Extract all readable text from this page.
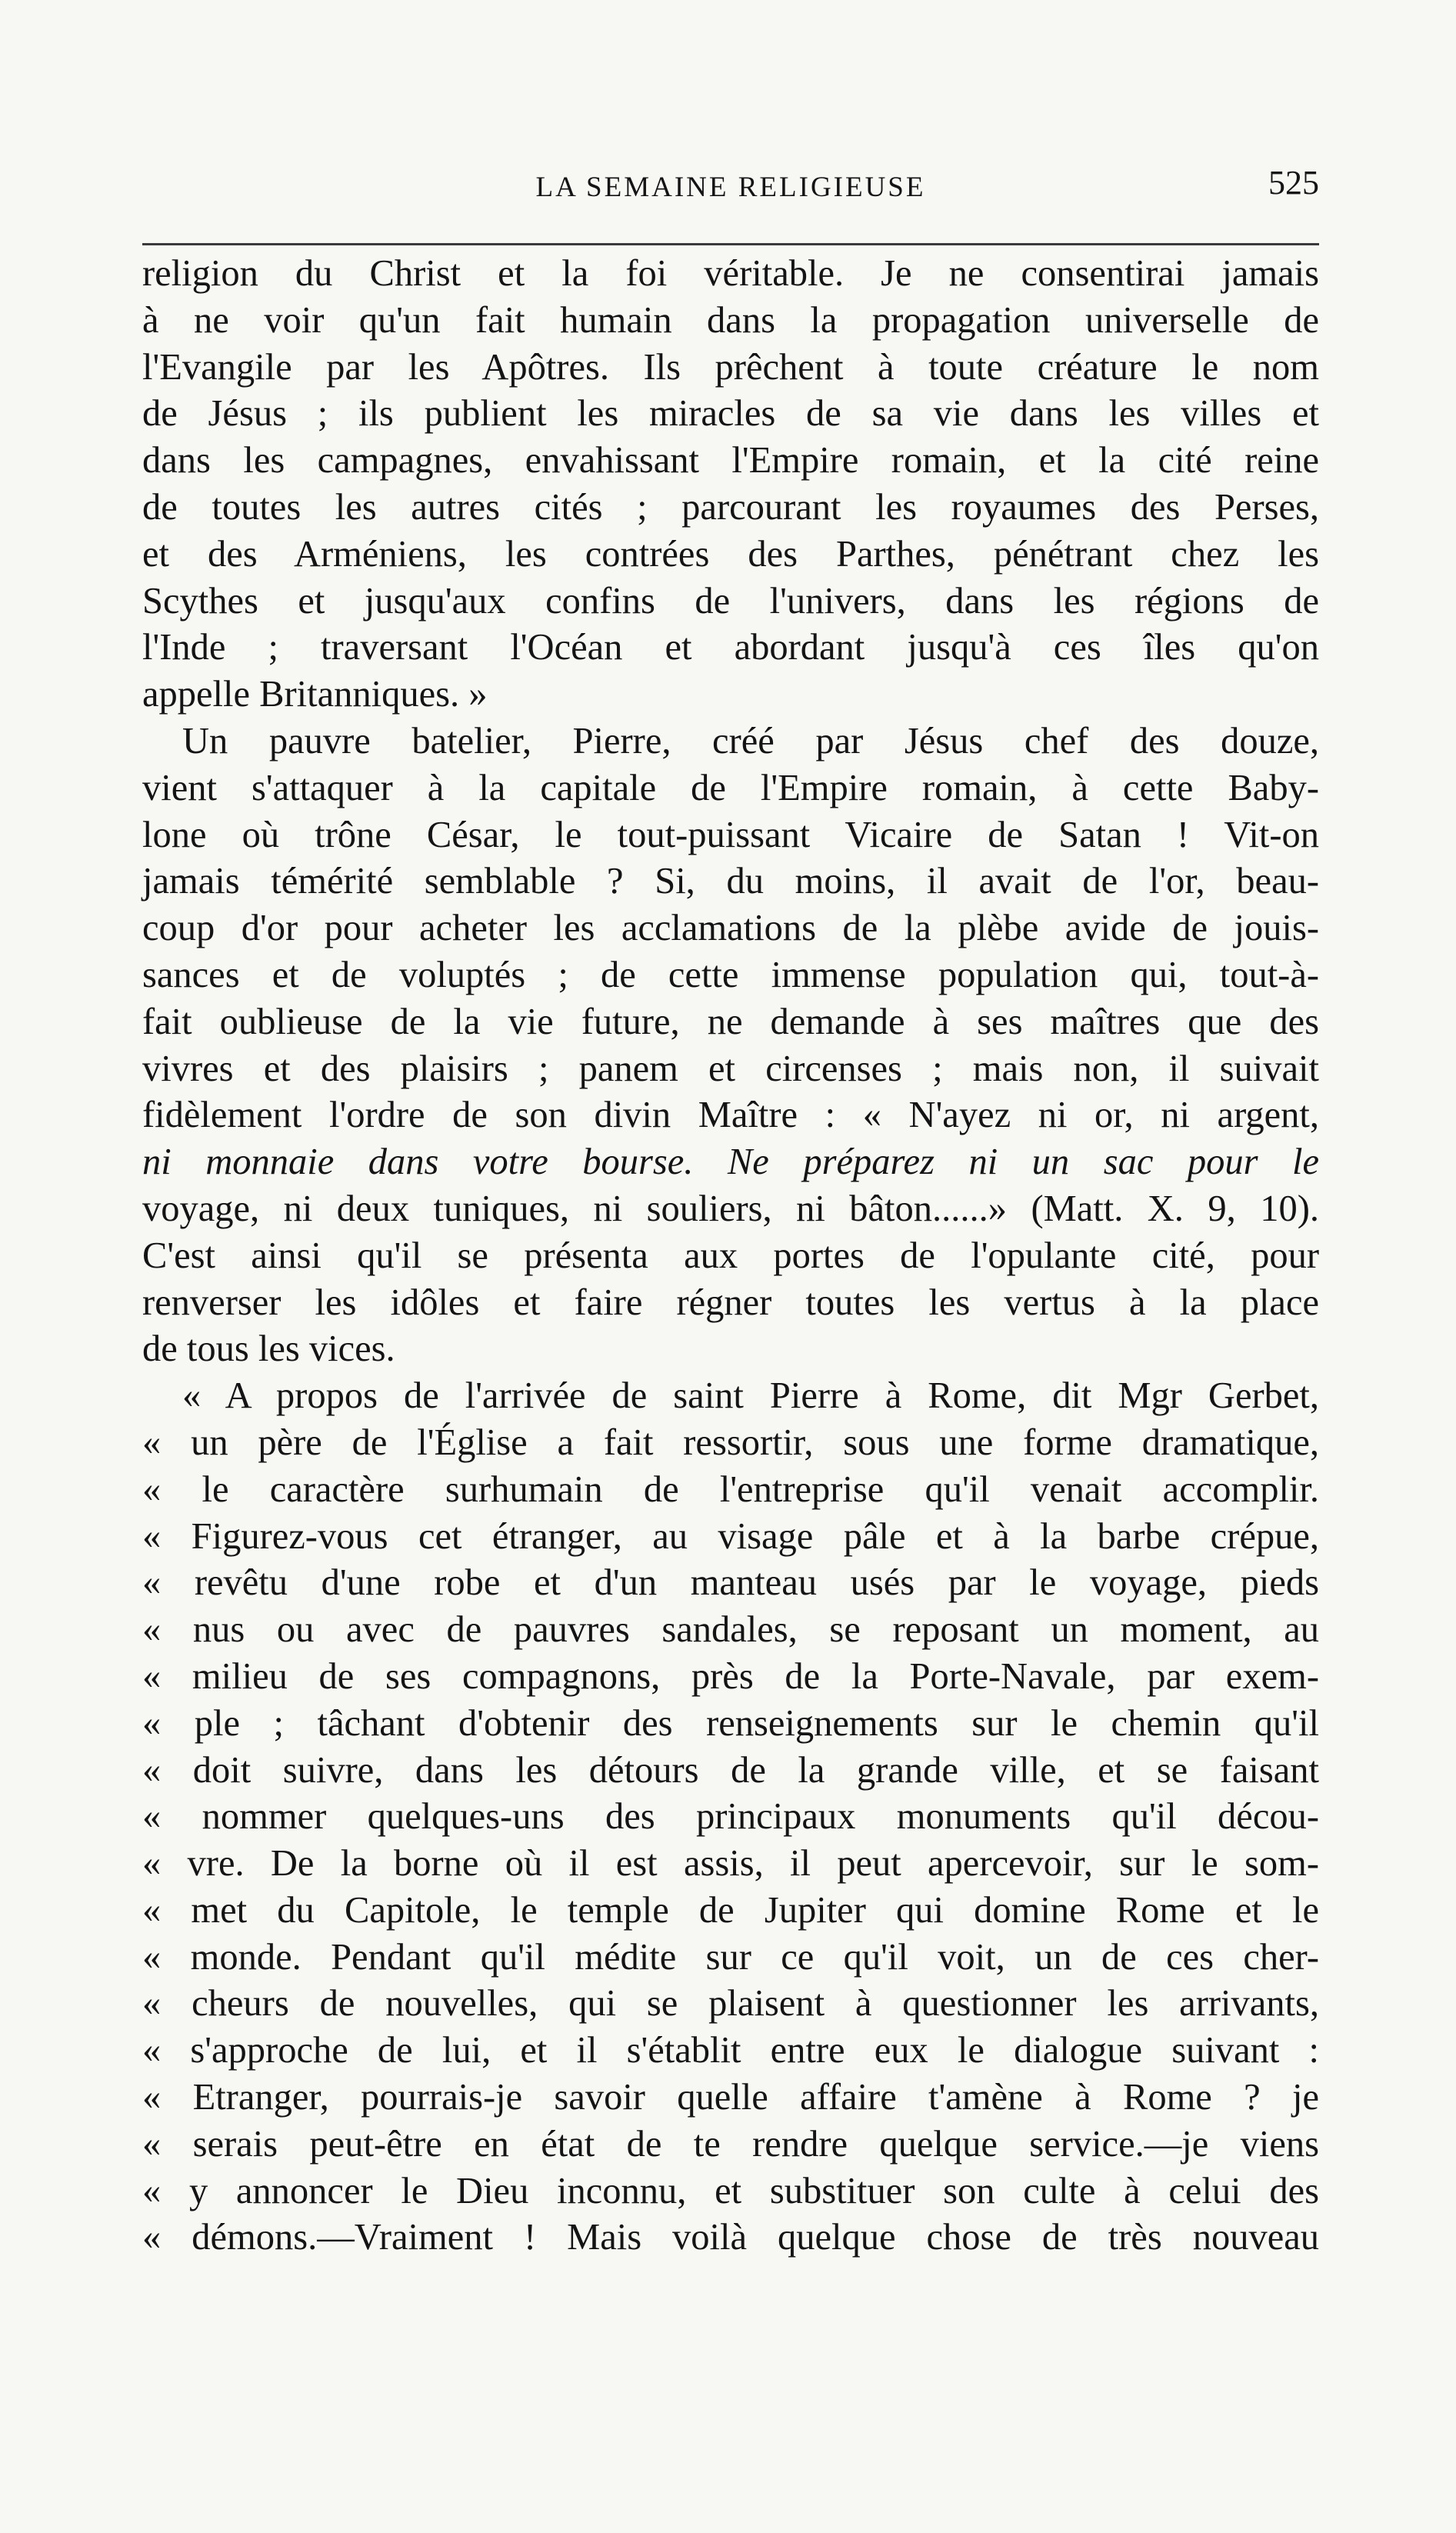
LA SEMAINE RELIGIEUSE	525
religion du Christ et la foi véritable. Je ne consentirai jamais
à ne voir qu'un fait humain dans la propagation universelle de
l'Evangile par les Apôtres. Ils prêchent à toute créature le nom
de Jésus ; ils publient les miracles de sa vie dans les villes et
dans les campagnes, envahissant l'Empire romain, et la cité reine
de toutes les autres cités ; parcourant les royaumes des Perses,
et des Arméniens, les contrées des Parthes, pénétrant chez les
Scythes et jusqu'aux confins de l'univers, dans les régions de
l'Inde ; traversant l'Océan et abordant jusqu'à ces îles qu'on
appelle Britanniques. »
Un pauvre batelier, Pierre, créé par Jésus chef des douze,
vient s'attaquer à la capitale de l'Empire romain, à cette Baby-
lone où trône César, le tout-puissant Vicaire de Satan ! Vit-on
jamais témérité semblable ? Si, du moins, il avait de l'or, beau-
coup d'or pour acheter les acclamations de la plèbe avide de jouis-
sances et de voluptés ; de cette immense population qui, tout-à-
fait oublieuse de la vie future, ne demande à ses maîtres que des
vivres et des plaisirs ; panem et circenses ; mais non, il suivait
fidèlement l'ordre de son divin Maître : « N'ayez ni or, ni argent,
ni monnaie dans votre bourse. Ne préparez ni un sac pour le
voyage, ni deux tuniques, ni souliers, ni bâton......» (Matt. X. 9, 10).
C'est ainsi qu'il se présenta aux portes de l'opulante cité, pour
renverser les idôles et faire régner toutes les vertus à la place
de tous les vices.
« A propos de l'arrivée de saint Pierre à Rome, dit Mgr Gerbet,
« un père de l'Église a fait ressortir, sous une forme dramatique,
« le caractère surhumain de l'entreprise qu'il venait accomplir.
« Figurez-vous cet étranger, au visage pâle et à la barbe crépue,
« revêtu d'une robe et d'un manteau usés par le voyage, pieds
« nus ou avec de pauvres sandales, se reposant un moment, au
« milieu de ses compagnons, près de la Porte-Navale, par exem-
« ple ; tâchant d'obtenir des renseignements sur le chemin qu'il
« doit suivre, dans les détours de la grande ville, et se faisant
« nommer quelques-uns des principaux monuments qu'il décou-
« vre. De la borne où il est assis, il peut apercevoir, sur le som-
« met du Capitole, le temple de Jupiter qui domine Rome et le
« monde. Pendant qu'il médite sur ce qu'il voit, un de ces cher-
« cheurs de nouvelles, qui se plaisent à questionner les arrivants,
« s'approche de lui, et il s'établit entre eux le dialogue suivant :
« Etranger, pourrais-je savoir quelle affaire t'amène à Rome ? je
« serais peut-être en état de te rendre quelque service.—je viens
« y annoncer le Dieu inconnu, et substituer son culte à celui des
« démons.—Vraiment ! Mais voilà quelque chose de très nouveau
